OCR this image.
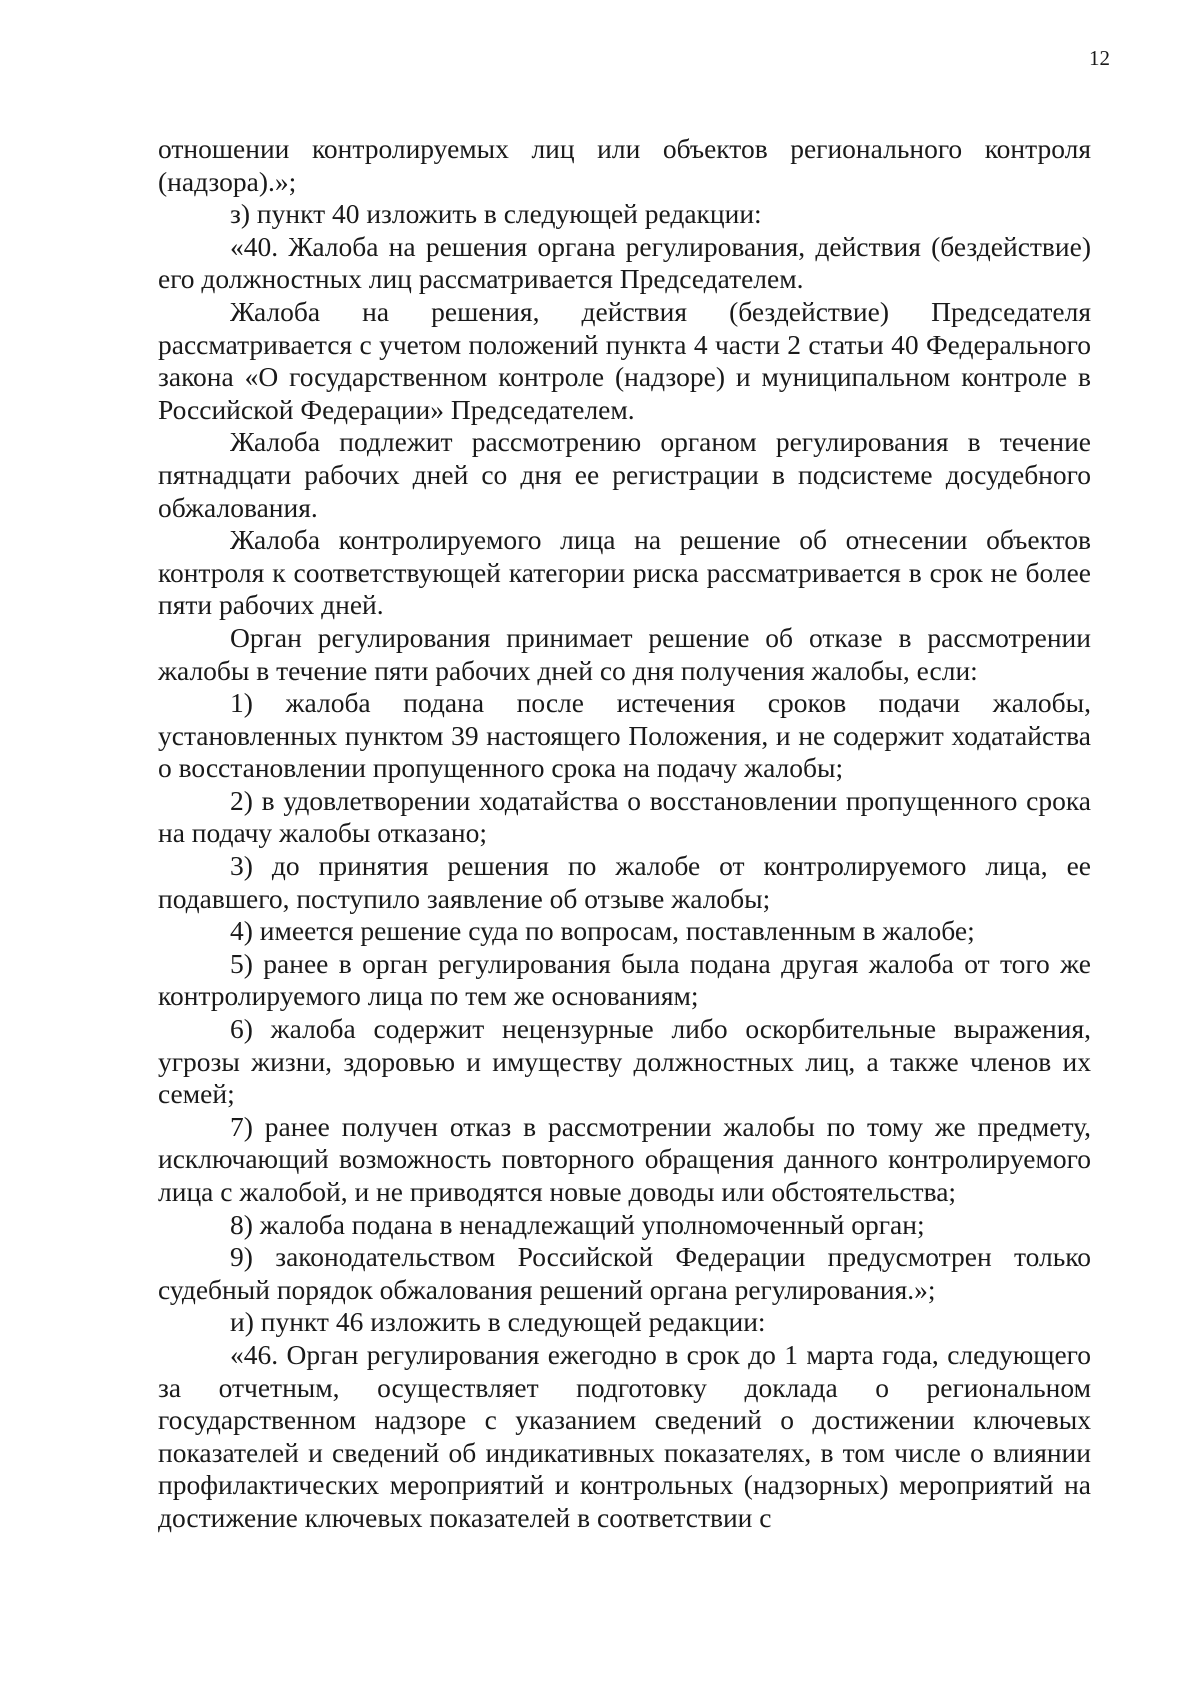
12

отношении контролируемых лиц или объектов регионального контроля (надзора).»;

з) пункт 40 изложить в следующей редакции:

«40. Жалоба на решения органа регулирования, действия (бездействие) его должностных лиц рассматривается Председателем.

Жалоба на решения, действия (бездействие) Председателя рассматривается с учетом положений пункта 4 части 2 статьи 40 Федерального закона «О государственном контроле (надзоре) и муниципальном контроле в Российской Федерации» Председателем.

Жалоба подлежит рассмотрению органом регулирования в течение пятнадцати рабочих дней со дня ее регистрации в подсистеме досудебного обжалования.

Жалоба контролируемого лица на решение об отнесении объектов контроля к соответствующей категории риска рассматривается в срок не более пяти рабочих дней.

Орган регулирования принимает решение об отказе в рассмотрении жалобы в течение пяти рабочих дней со дня получения жалобы, если:

1) жалоба подана после истечения сроков подачи жалобы, установленных пунктом 39 настоящего Положения, и не содержит ходатайства о восстановлении пропущенного срока на подачу жалобы;

2) в удовлетворении ходатайства о восстановлении пропущенного срока на подачу жалобы отказано;

3) до принятия решения по жалобе от контролируемого лица, ее подавшего, поступило заявление об отзыве жалобы;

4) имеется решение суда по вопросам, поставленным в жалобе;

5) ранее в орган регулирования была подана другая жалоба от того же контролируемого лица по тем же основаниям;

6) жалоба содержит нецензурные либо оскорбительные выражения, угрозы жизни, здоровью и имуществу должностных лиц, а также членов их семей;

7) ранее получен отказ в рассмотрении жалобы по тому же предмету, исключающий возможность повторного обращения данного контролируемого лица с жалобой, и не приводятся новые доводы или обстоятельства;

8) жалоба подана в ненадлежащий уполномоченный орган;

9) законодательством Российской Федерации предусмотрен только судебный порядок обжалования решений органа регулирования.»;

и) пункт 46 изложить в следующей редакции:

«46. Орган регулирования ежегодно в срок до 1 марта года, следующего за отчетным, осуществляет подготовку доклада о региональном государственном надзоре с указанием сведений о достижении ключевых показателей и сведений об индикативных показателях, в том числе о влиянии профилактических мероприятий и контрольных (надзорных) мероприятий на достижение ключевых показателей в соответствии с
